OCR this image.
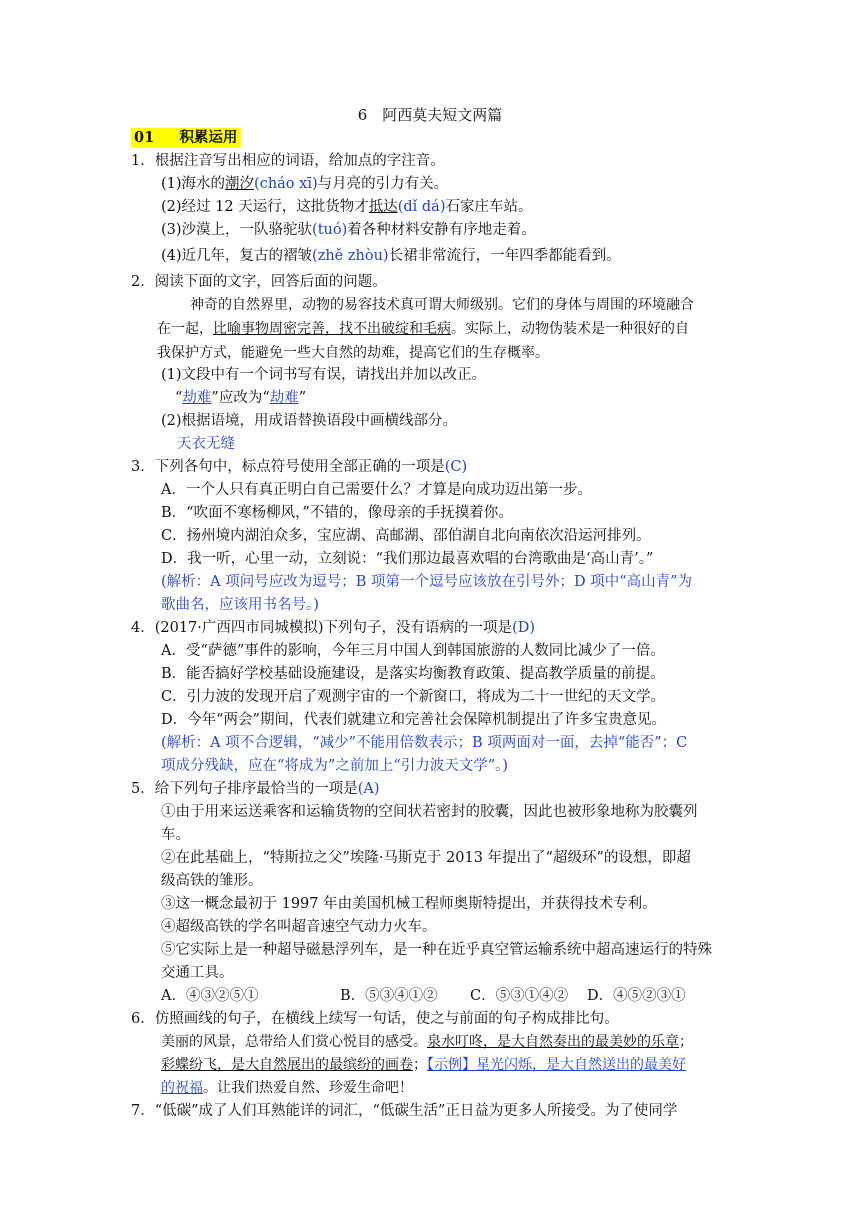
6　阿西莫夫短文两篇
01 积累运用
1．根据注音写出相应的词语，给加点的字注音。
(1)海水的潮汐(cháo xī)与月亮的引力有关。
(2)经过 12 天运行，这批货物才抵达(dǐ dá)石家庄车站。
(3)沙漠上，一队骆驼驮(tuó)着各种材料安静有序地走着。
(4)近几年，复古的褶皱(zhě zhòu)长裙非常流行，一年四季都能看到。
2．阅读下面的文字，回答后面的问题。
神奇的自然界里，动物的易容技术真可谓大师级别。它们的身体与周围的环境融合
在一起，比喻事物周密完善，找不出破绽和毛病。实际上，动物伪装术是一种很好的自
我保护方式，能避免一些大自然的劫难，提高它们的生存概率。
(1)文段中有一个词书写有误，请找出并加以改正。
“劫难”应改为“劫难”
(2)根据语境，用成语替换语段中画横线部分。
天衣无缝
3．下列各句中，标点符号使用全部正确的一项是(C)
A．一个人只有真正明白自己需要什么？才算是向成功迈出第一步。
B．“吹面不寒杨柳风，”不错的，像母亲的手抚摸着你。
C．扬州境内湖泊众多，宝应湖、高邮湖、邵伯湖自北向南依次沿运河排列。
D．我一听，心里一动，立刻说：“我们那边最喜欢唱的台湾歌曲是‘高山青’。”
(解析：A 项问号应改为逗号；B 项第一个逗号应该放在引号外；D 项中“高山青”为
歌曲名，应该用书名号。)
4．(2017·广西四市同城模拟)下列句子，没有语病的一项是(D)
A．受“萨德”事件的影响，今年三月中国人到韩国旅游的人数同比减少了一倍。
B．能否搞好学校基础设施建设，是落实均衡教育政策、提高教学质量的前提。
C．引力波的发现开启了观测宇宙的一个新窗口，将成为二十一世纪的天文学。
D．今年“两会”期间，代表们就建立和完善社会保障机制提出了许多宝贵意见。
(解析：A 项不合逻辑，“减少”不能用倍数表示；B 项两面对一面，去掉“能否”；C
项成分残缺，应在“将成为”之前加上“引力波天文学”。)
5．给下列句子排序最恰当的一项是(A)
①由于用来运送乘客和运输货物的空间状若密封的胶囊，因此也被形象地称为胶囊列
车。
②在此基础上，“特斯拉之父”埃隆·马斯克于 2013 年提出了“超级环”的设想，即超
级高铁的雏形。
③这一概念最初于 1997 年由美国机械工程师奥斯特提出，并获得技术专利。
④超级高铁的学名叫超音速空气动力火车。
⑤它实际上是一种超导磁悬浮列车，是一种在近乎真空管运输系统中超高速运行的特殊
交通工具。
A．④③②⑤①	B．⑤③④①② C．⑤③①④② D．④⑤②③①
6．仿照画线的句子，在横线上续写一句话，使之与前面的句子构成排比句。
美丽的风景，总带给人们赏心悦目的感受。泉水叮咚，是大自然奏出的最美妙的乐章；
彩蝶纷飞，是大自然展出的最缤纷的画卷；【示例】星光闪烁，是大自然送出的最美好
的祝福。让我们热爱自然、珍爱生命吧！
7．“低碳”成了人们耳熟能详的词汇，“低碳生活”正日益为更多人所接受。为了使同学
